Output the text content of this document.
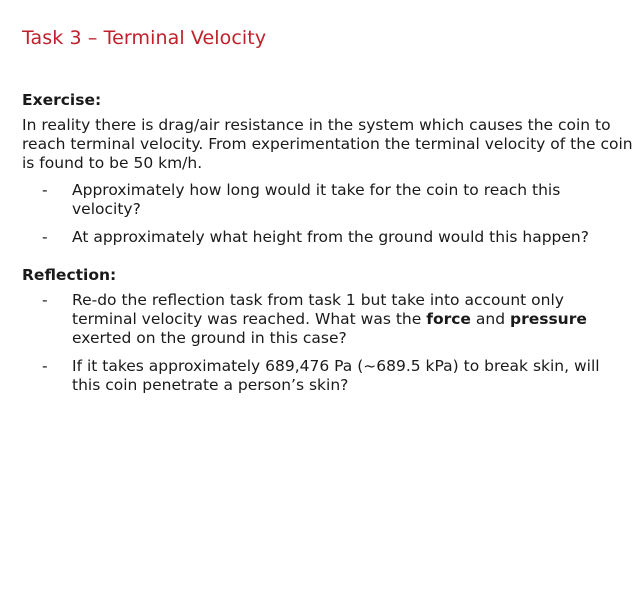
Task 3 – Terminal Velocity
Exercise:
In reality there is drag/air resistance in the system which causes the coin to
reach terminal velocity. From experimentation the terminal velocity of the coin
is found to be 50 km/h.
- Approximately how long would it take for the coin to reach this
velocity?
- At approximately what height from the ground would this happen?
Reflection:
- Re-do the reflection task from task 1 but take into account only
terminal velocity was reached. What was the force and pressure
exerted on the ground in this case?
- If it takes approximately 689,476 Pa (~689.5 kPa) to break skin, will
this coin penetrate a person’s skin?
